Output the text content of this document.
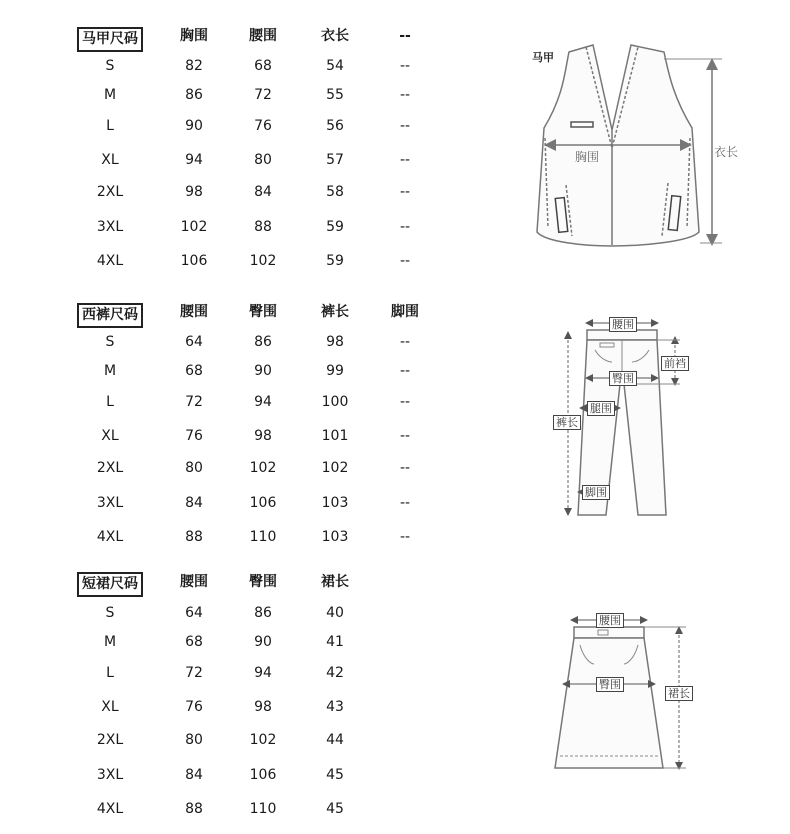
马甲尺码	胸围	腰围	衣长	--
S	82	68	54	--
M	86	72	55	--
L	90	76	56	--
XL	94	80	57	--
2XL	98	84	58	--
3XL	102	88	59	--
4XL	106	102	59	--
西裤尺码	腰围	臀围	裤长	脚围
S	64	86	98	--
M	68	90	99	--
L	72	94	100	--
XL	76	98	101	--
2XL	80	102	102	--
3XL	84	106	103	--
4XL	88	110	103	--
短裙尺码	腰围	臀围	裙长
S	64	86	40
M	68	90	41
L	72	94	42
XL	76	98	43
2XL	80	102	44
3XL	84	106	45
4XL	88	110	45
马甲
胸围	衣长
腰围
前裆
臀围
腿围
裤长
脚围
腰围
臀围
裙长
